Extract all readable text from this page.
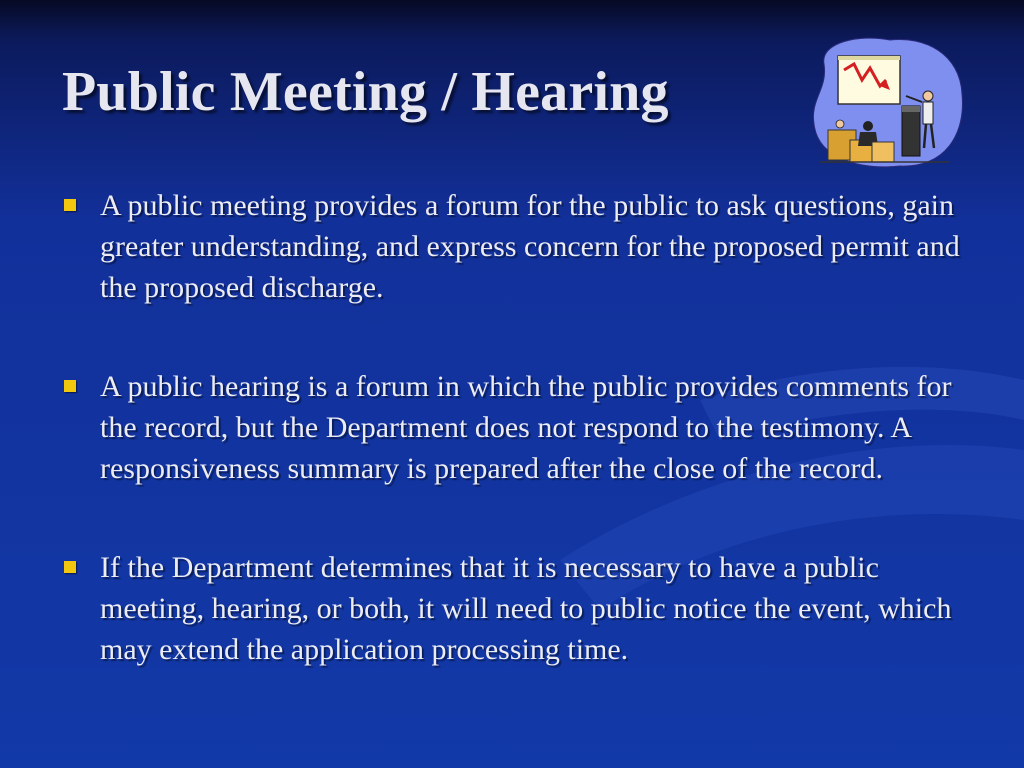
Public Meeting / Hearing
A public meeting provides a forum for the public to ask questions, gain greater understanding, and express concern for the proposed permit and the proposed discharge.
A public hearing is a forum in which the public provides comments for the record, but the Department does not respond to the testimony. A responsiveness summary is prepared after the close of the record.
If the Department determines that it is necessary to have a public meeting, hearing, or both, it will need to public notice the event, which may extend the application processing time.
